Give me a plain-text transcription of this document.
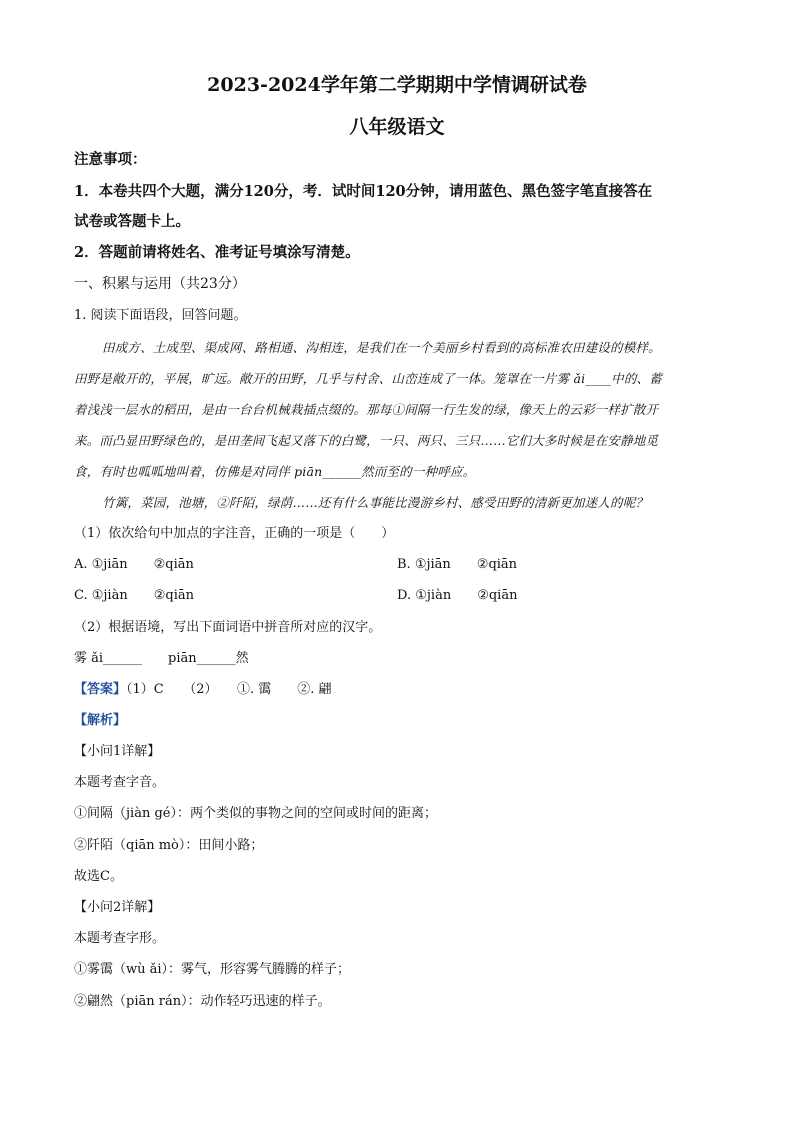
2023-2024学年第二学期期中学情调研试卷
八年级语文
注意事项：
1．本卷共四个大题，满分120分，考．试时间120分钟，请用蓝色、黑色签字笔直接答在
试卷或答题卡上。
2．答题前请将姓名、准考证号填涂写清楚。
一、积累与运用（共23分）
1. 阅读下面语段，回答问题。
田成方、土成型、渠成网、路相通、沟相连，是我们在一个美丽乡村看到的高标准农田建设的模样。
田野是敞开的，平展，旷远。敞开的田野，几乎与村舍、山峦连成了一体。笼罩在一片雾 ǎi____中的、蓄
着浅浅一层水的稻田，是由一台台机械栽插点缀的。那每①间隔一行生发的绿，像天上的云彩一样扩散开
来。而凸显田野绿色的，是田垄间飞起又落下的白鹭，一只、两只、三只……它们大多时候是在安静地觅
食，有时也呱呱地叫着，仿佛是对同伴 piān______然而至的一种呼应。
竹篱，菜园，池塘，②阡陌，绿荫……还有什么事能比漫游乡村、感受田野的清新更加迷人的呢？
（1）依次给句中加点的字注音，正确的一项是（　　）
A. ①jiān　　②qiān	B. ①jiān　　②qiān
C. ①jiàn　　②qiān	D. ①jiàn　　②qiān
（2）根据语境，写出下面词语中拼音所对应的汉字。
雾 ǎi______　　piān______然
【答案】（1）C　　（2）　　①. 霭　　②. 翩
【解析】
【小问1详解】
本题考查字音。
①间隔（jiàn gé）：两个类似的事物之间的空间或时间的距离；
②阡陌（qiān mò）：田间小路；
故选C。
【小问2详解】
本题考查字形。
①雾霭（wù ǎi）：雾气，形容雾气腾腾的样子；
②翩然（piān rán）：动作轻巧迅速的样子。
